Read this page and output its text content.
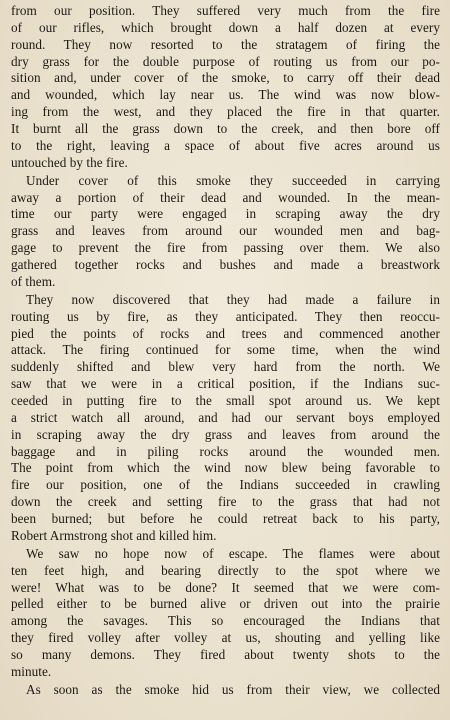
from our position. They suffered very much from the fire
of our rifles, which brought down a half dozen at every
round. They now resorted to the stratagem of firing the
dry grass for the double purpose of routing us from our po-
sition and, under cover of the smoke, to carry off their dead
and wounded, which lay near us. The wind was now blow-
ing from the west, and they placed the fire in that quarter.
It burnt all the grass down to the creek, and then bore off
to the right, leaving a space of about five acres around us
untouched by the fire.
Under cover of this smoke they succeeded in carrying
away a portion of their dead and wounded. In the mean-
time our party were engaged in scraping away the dry
grass and leaves from around our wounded men and bag-
gage to prevent the fire from passing over them. We also
gathered together rocks and bushes and made a breastwork
of them.
They now discovered that they had made a failure in
routing us by fire, as they anticipated. They then reoccu-
pied the points of rocks and trees and commenced another
attack. The firing continued for some time, when the wind
suddenly shifted and blew very hard from the north. We
saw that we were in a critical position, if the Indians suc-
ceeded in putting fire to the small spot around us. We kept
a strict watch all around, and had our servant boys employed
in scraping away the dry grass and leaves from around the
baggage and in piling rocks around the wounded men.
The point from which the wind now blew being favorable to
fire our position, one of the Indians succeeded in crawling
down the creek and setting fire to the grass that had not
been burned; but before he could retreat back to his party,
Robert Armstrong shot and killed him.
We saw no hope now of escape. The flames were about
ten feet high, and bearing directly to the spot where we
were! What was to be done? It seemed that we were com-
pelled either to be burned alive or driven out into the prairie
among the savages. This so encouraged the Indians that
they fired volley after volley at us, shouting and yelling like
so many demons. They fired about twenty shots to the
minute.
As soon as the smoke hid us from their view, we collected
